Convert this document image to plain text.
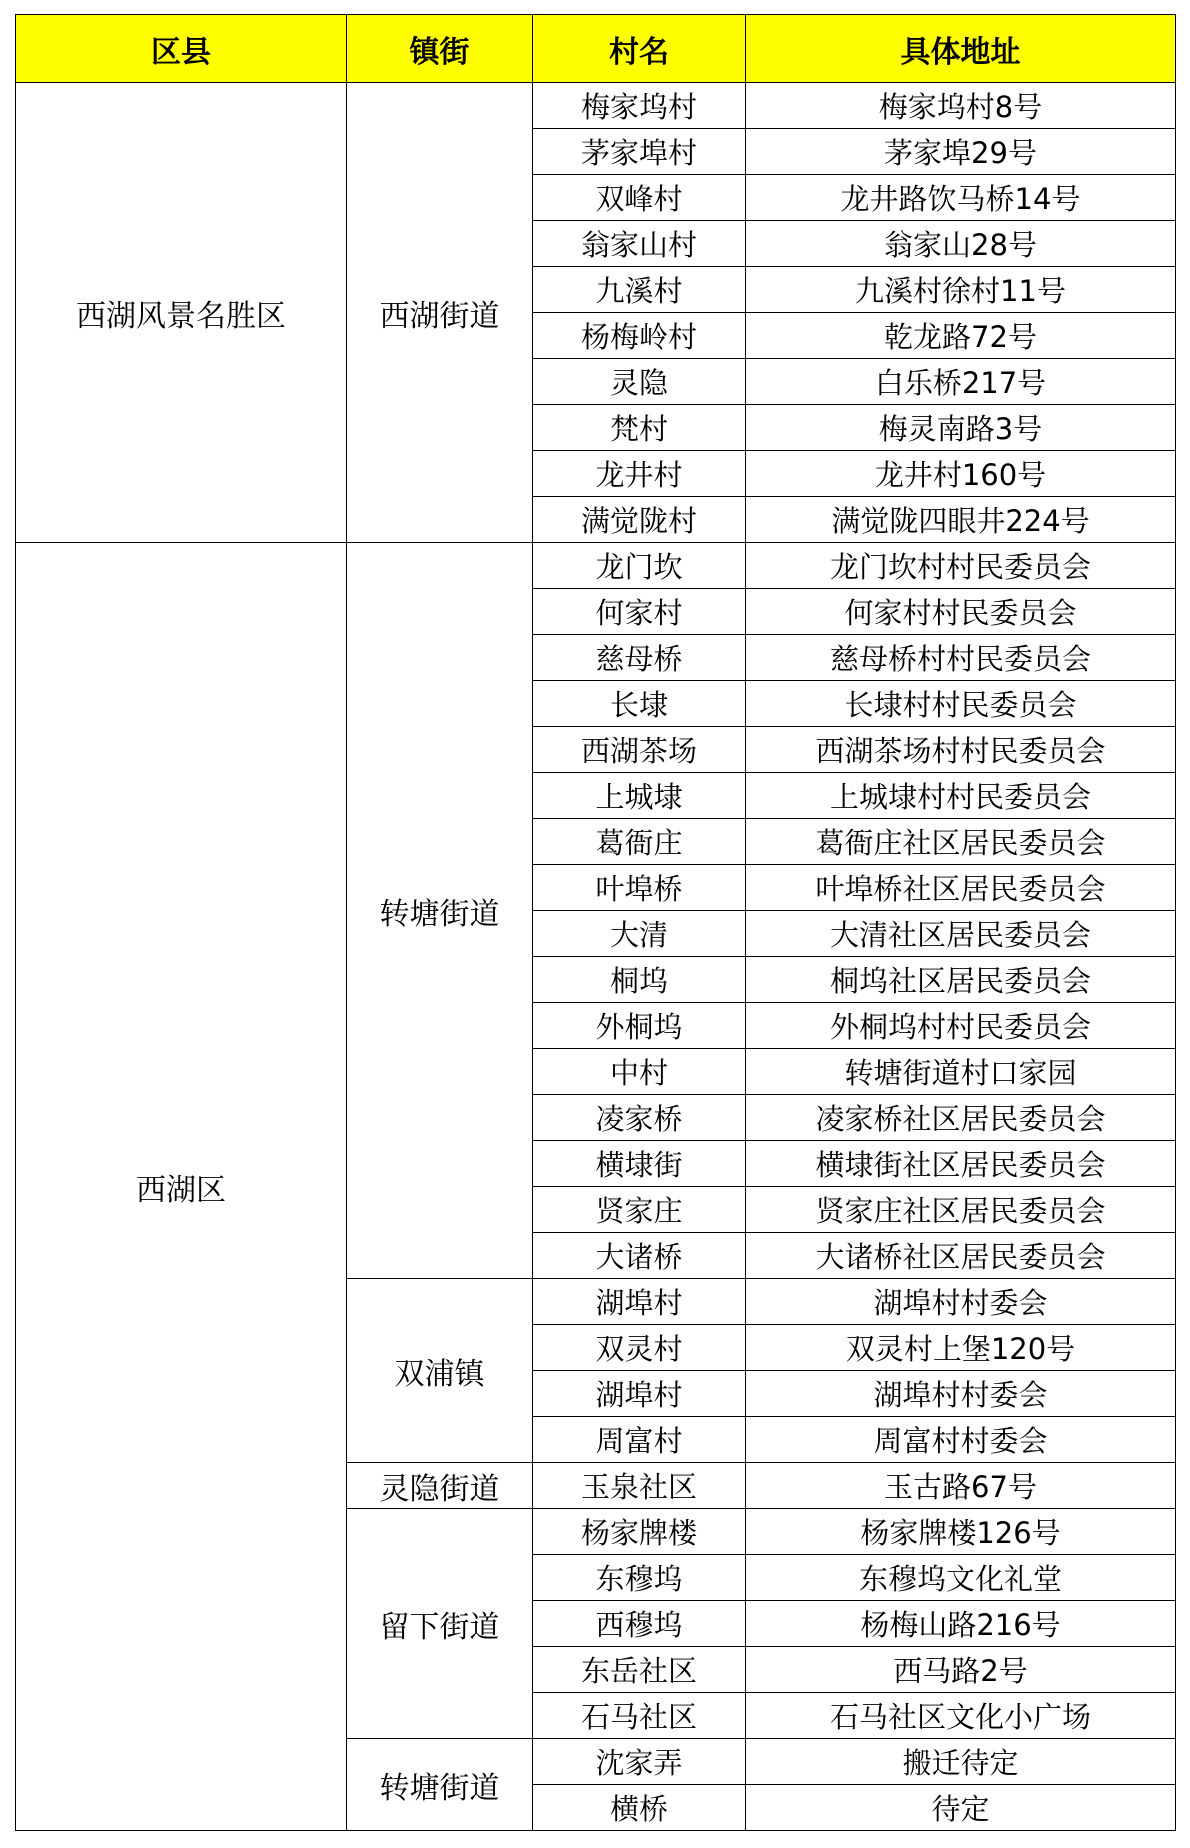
区县	镇街	村名	具体地址
西湖风景名胜区	西湖街道	梅家坞村	梅家坞村8号
		茅家埠村	茅家埠29号
		双峰村	龙井路饮马桥14号
		翁家山村	翁家山28号
		九溪村	九溪村徐村11号
		杨梅岭村	乾龙路72号
		灵隐	白乐桥217号
		梵村	梅灵南路3号
		龙井村	龙井村160号
		满觉陇村	满觉陇四眼井224号
西湖区	转塘街道	龙门坎	龙门坎村村民委员会
		何家村	何家村村民委员会
		慈母桥	慈母桥村村民委员会
		长埭	长埭村村民委员会
		西湖茶场	西湖茶场村村民委员会
		上城埭	上城埭村村民委员会
		葛衙庄	葛衙庄社区居民委员会
		叶埠桥	叶埠桥社区居民委员会
		大清	大清社区居民委员会
		桐坞	桐坞社区居民委员会
		外桐坞	外桐坞村村民委员会
		中村	转塘街道村口家园
		凌家桥	凌家桥社区居民委员会
		横埭街	横埭街社区居民委员会
		贤家庄	贤家庄社区居民委员会
		大诸桥	大诸桥社区居民委员会
	双浦镇	湖埠村	湖埠村村委会
		双灵村	双灵村上堡120号
		湖埠村	湖埠村村委会
		周富村	周富村村委会
	灵隐街道	玉泉社区	玉古路67号
	留下街道	杨家牌楼	杨家牌楼126号
		东穆坞	东穆坞文化礼堂
		西穆坞	杨梅山路216号
		东岳社区	西马路2号
		石马社区	石马社区文化小广场
	转塘街道	沈家弄	搬迁待定
		横桥	待定
